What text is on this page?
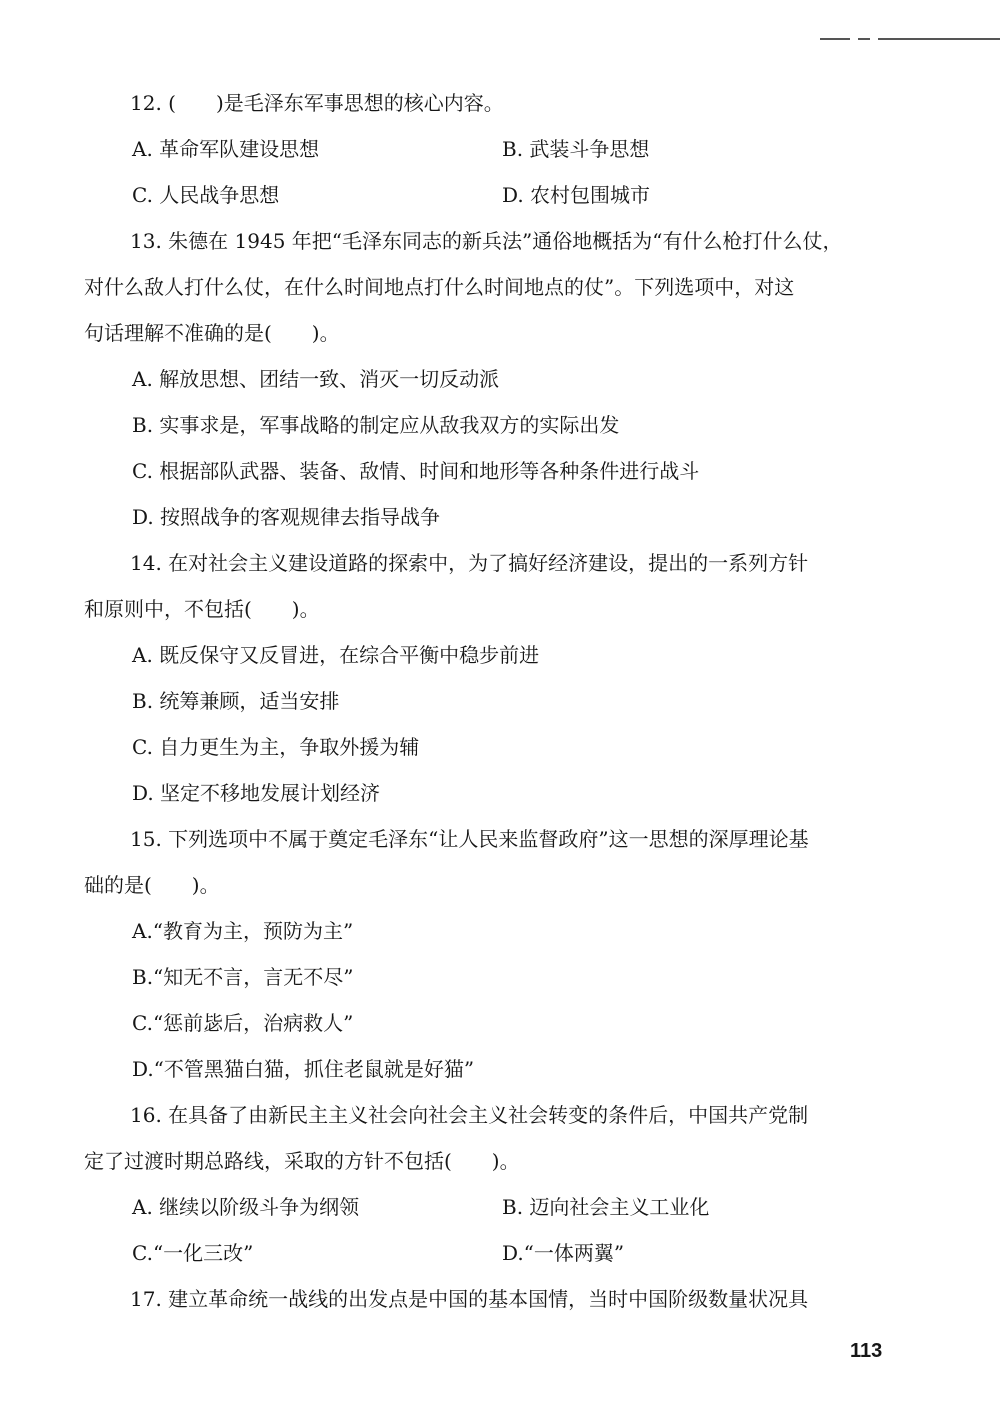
12. (　　)是毛泽东军事思想的核心内容。
A. 革命军队建设思想	B. 武装斗争思想
C. 人民战争思想	D. 农村包围城市
13. 朱德在 1945 年把“毛泽东同志的新兵法”通俗地概括为“有什么枪打什么仗，
对什么敌人打什么仗，在什么时间地点打什么时间地点的仗”。下列选项中，对这
句话理解不准确的是(　　)。
A. 解放思想、团结一致、消灭一切反动派
B. 实事求是，军事战略的制定应从敌我双方的实际出发
C. 根据部队武器、装备、敌情、时间和地形等各种条件进行战斗
D. 按照战争的客观规律去指导战争
14. 在对社会主义建设道路的探索中，为了搞好经济建设，提出的一系列方针
和原则中，不包括(　　)。
A. 既反保守又反冒进，在综合平衡中稳步前进
B. 统筹兼顾，适当安排
C. 自力更生为主，争取外援为辅
D. 坚定不移地发展计划经济
15. 下列选项中不属于奠定毛泽东“让人民来监督政府”这一思想的深厚理论基
础的是(　　)。
A.“教育为主，预防为主”
B.“知无不言，言无不尽”
C.“惩前毖后，治病救人”
D.“不管黑猫白猫，抓住老鼠就是好猫”
16. 在具备了由新民主主义社会向社会主义社会转变的条件后，中国共产党制
定了过渡时期总路线，采取的方针不包括(　　)。
A. 继续以阶级斗争为纲领	B. 迈向社会主义工业化
C.“一化三改”	D.“一体两翼”
17. 建立革命统一战线的出发点是中国的基本国情，当时中国阶级数量状况具
113
